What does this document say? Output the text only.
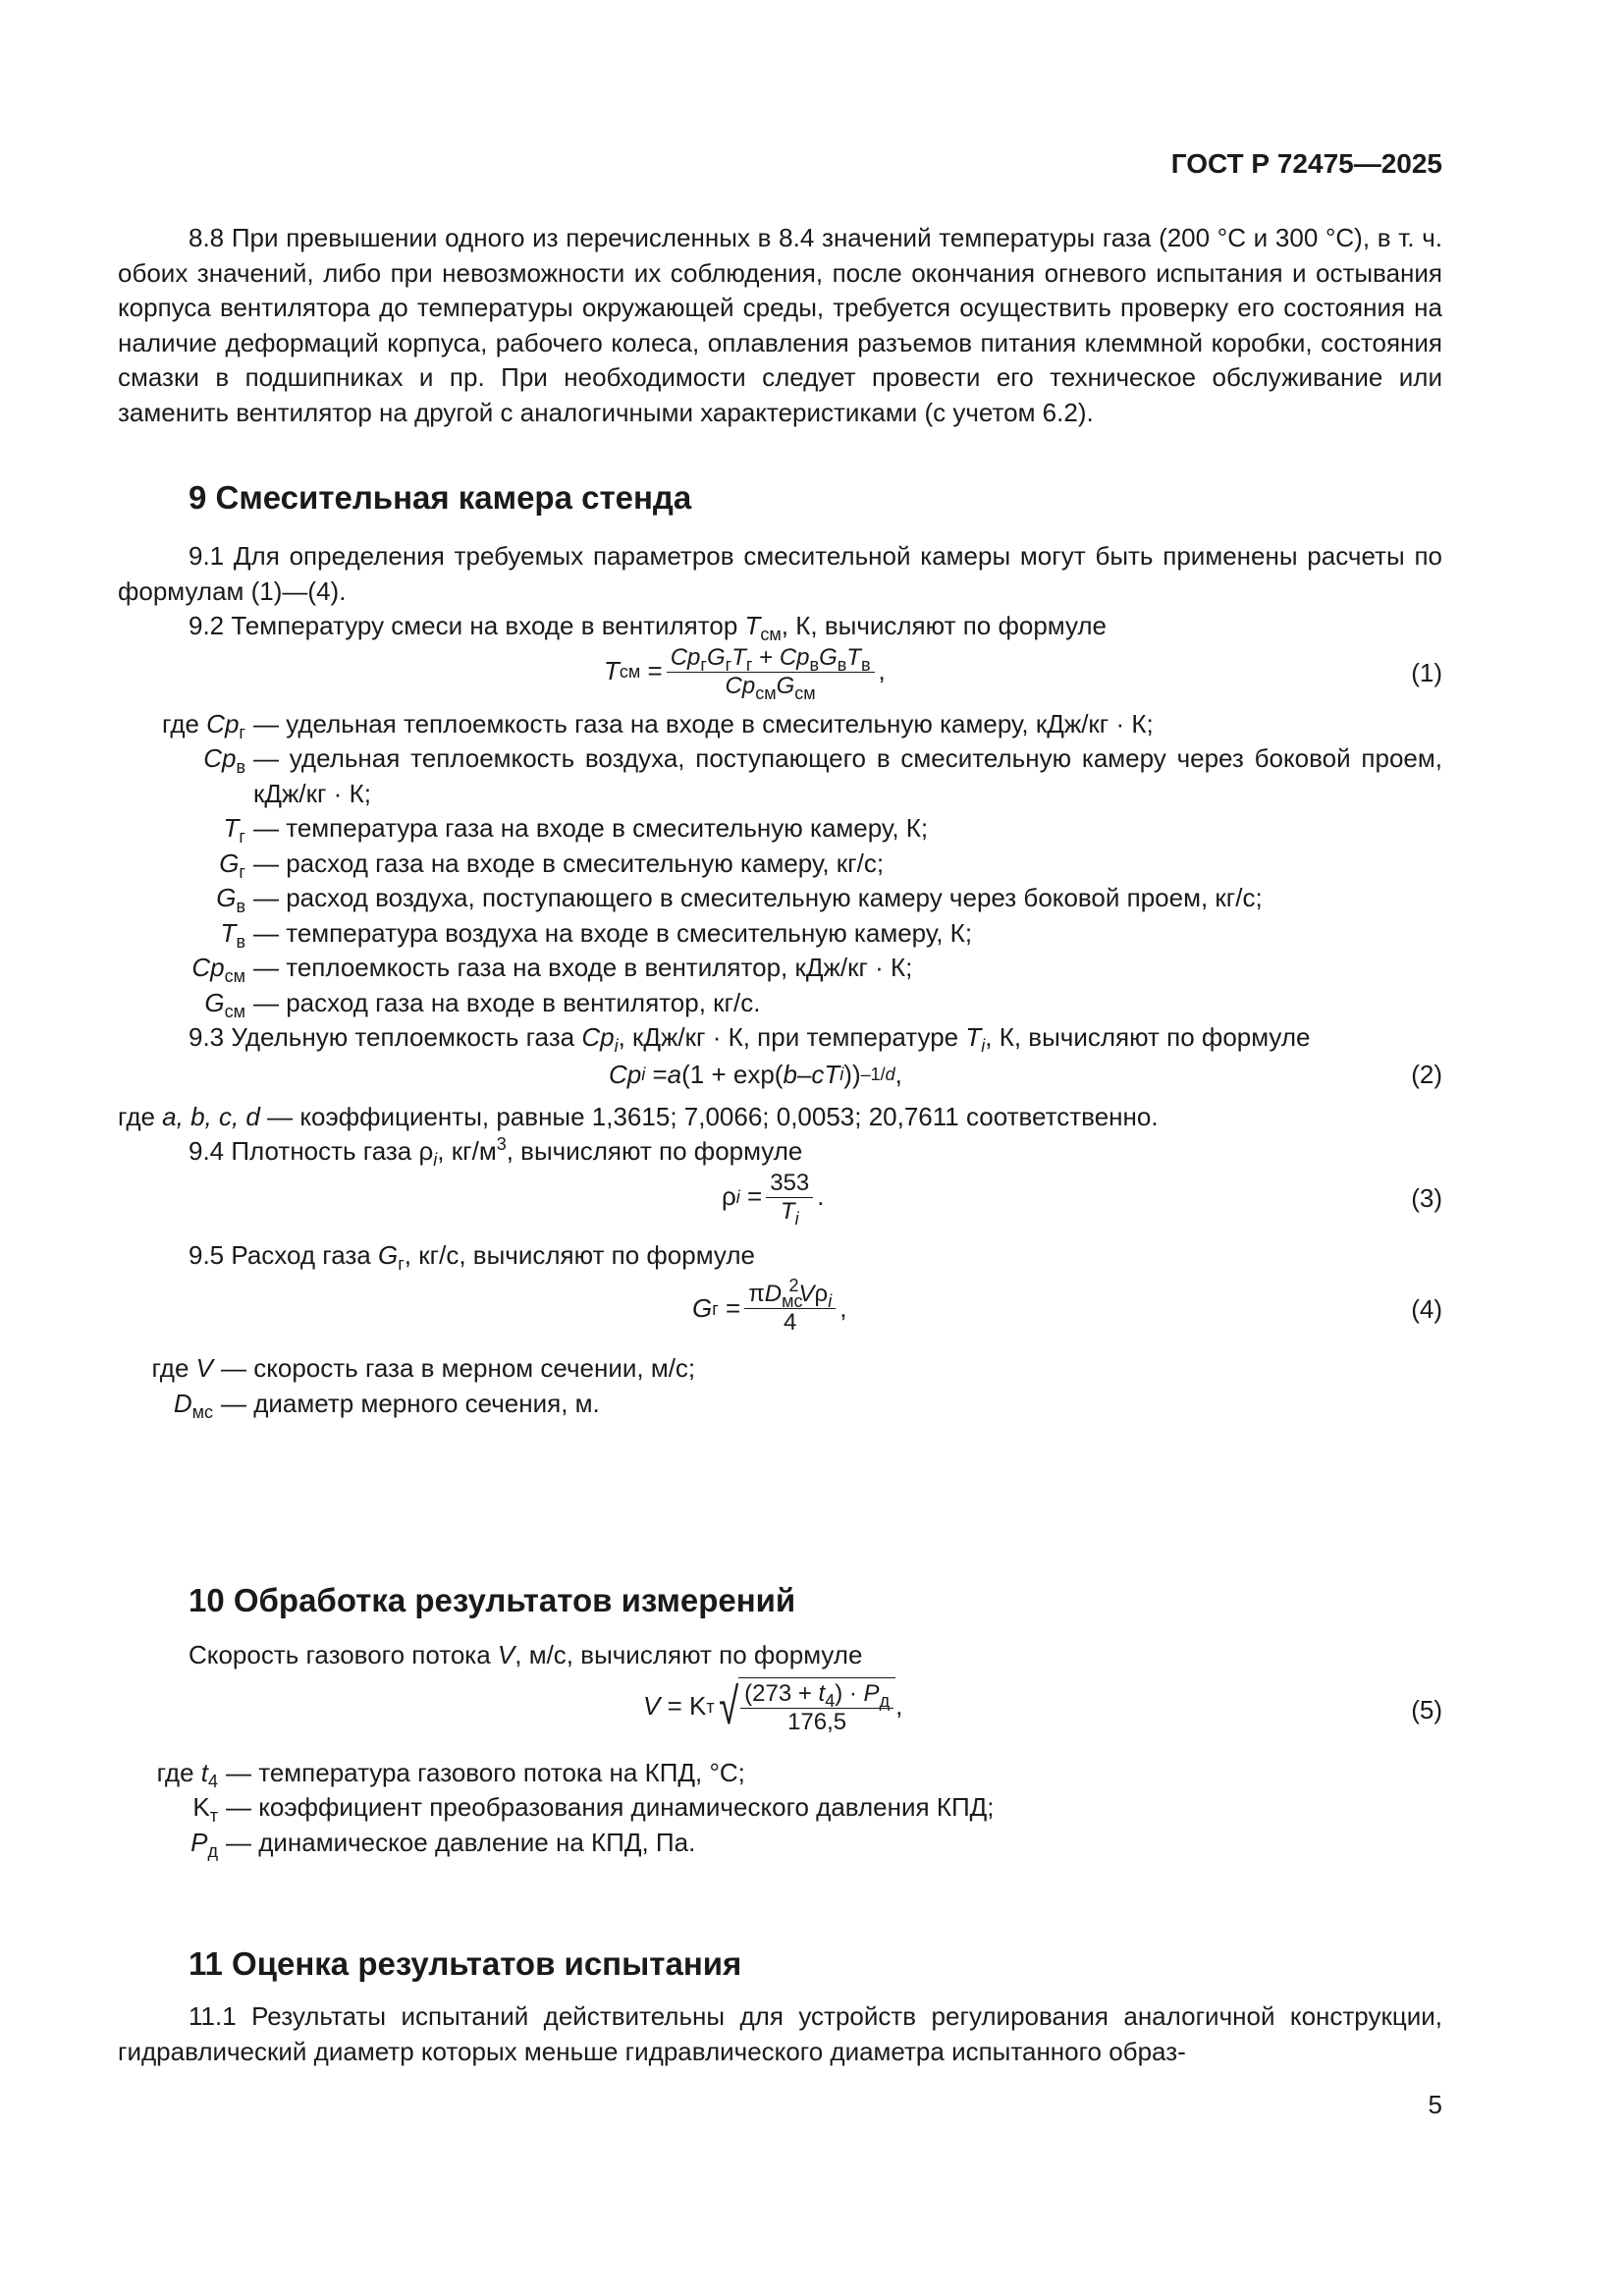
ГОСТ Р 72475—2025

8.8 При превышении одного из перечисленных в 8.4 значений температуры газа (200 °С и 300 °С), в т. ч. обоих значений, либо при невозможности их соблюдения, после окончания огневого испытания и остывания корпуса вентилятора до температуры окружающей среды, требуется осуществить проверку его состояния на наличие деформаций корпуса, рабочего колеса, оплавления разъемов питания клеммной коробки, состояния смазки в подшипниках и пр. При необходимости следует провести его техническое обслуживание или заменить вентилятор на другой с аналогичными характеристиками (с учетом 6.2).

9 Смесительная камера стенда

9.1 Для определения требуемых параметров смесительной камеры могут быть применены расчеты по формулам (1)—(4).

9.2 Температуру смеси на входе в вентилятор $T_{см}$, К, вычисляют по формуле

T см = $\frac{Cp_гG_гT_г + Cp_вG_вT_в}{Cp_{см}G_{см}}$ ,	(1)
где $Cp_г$ — удельная теплоемкость газа на входе в смесительную камеру, кДж/кг · К;
$Cp_в$ — удельная теплоемкость воздуха, поступающего в смесительную камеру через боковой проем, кДж/кг · К;
$T_г$ — температура газа на входе в смесительную камеру, К;
$G_г$ — расход газа на входе в смесительную камеру, кг/с;
$G_в$ — расход воздуха, поступающего в смесительную камеру через боковой проем, кг/с;
$T_в$ — температура воздуха на входе в смесительную камеру, К;
$Cp_{см}$ — теплоемкость газа на входе в вентилятор, кДж/кг · К;
$G_{см}$ — расход газа на входе в вентилятор, кг/с.

9.3 Удельную теплоемкость газа $Cp_i$, кДж/кг · К, при температуре $T_i$, К, вычисляют по формуле

Cp i = a (1 + exp( b – cT i )) –1/d ,	(2)

где a, b, c, d — коэффициенты, равные 1,3615; 7,0066; 0,0053; 20,7611 соответственно.

9.4 Плотность газа $\rho_i$, $кг/м^3$, вычисляют по формуле

ρ $i = \frac{353}{T_i}$ .	(3)

9.5 Расход газа $G_г$, кг/с, вычисляют по формуле

G $г = \frac{\pi D_{мс}^2V\rho_i}{4}$ ,	(4)
где V — скорость газа в мерном сечении, м/с;
$D_{мс}$ — диаметр мерного сечения, м.
10 Обработка результатов измерений

Скорость газового потока V, м/с, вычисляют по формуле

V = K т √ $\frac{(273 + t_4) \cdot P_д}{176,5}$ ,	(5)
где $t_4$ — температура газового потока на КПД, °С;
$K_т$ — коэффициент преобразования динамического давления КПД;
$P_д$ — динамическое давление на КПД, Па.
11 Оценка результатов испытания

11.1 Результаты испытаний действительны для устройств регулирования аналогичной конструкции, гидравлический диаметр которых меньше гидравлического диаметра испытанного образ-

5
